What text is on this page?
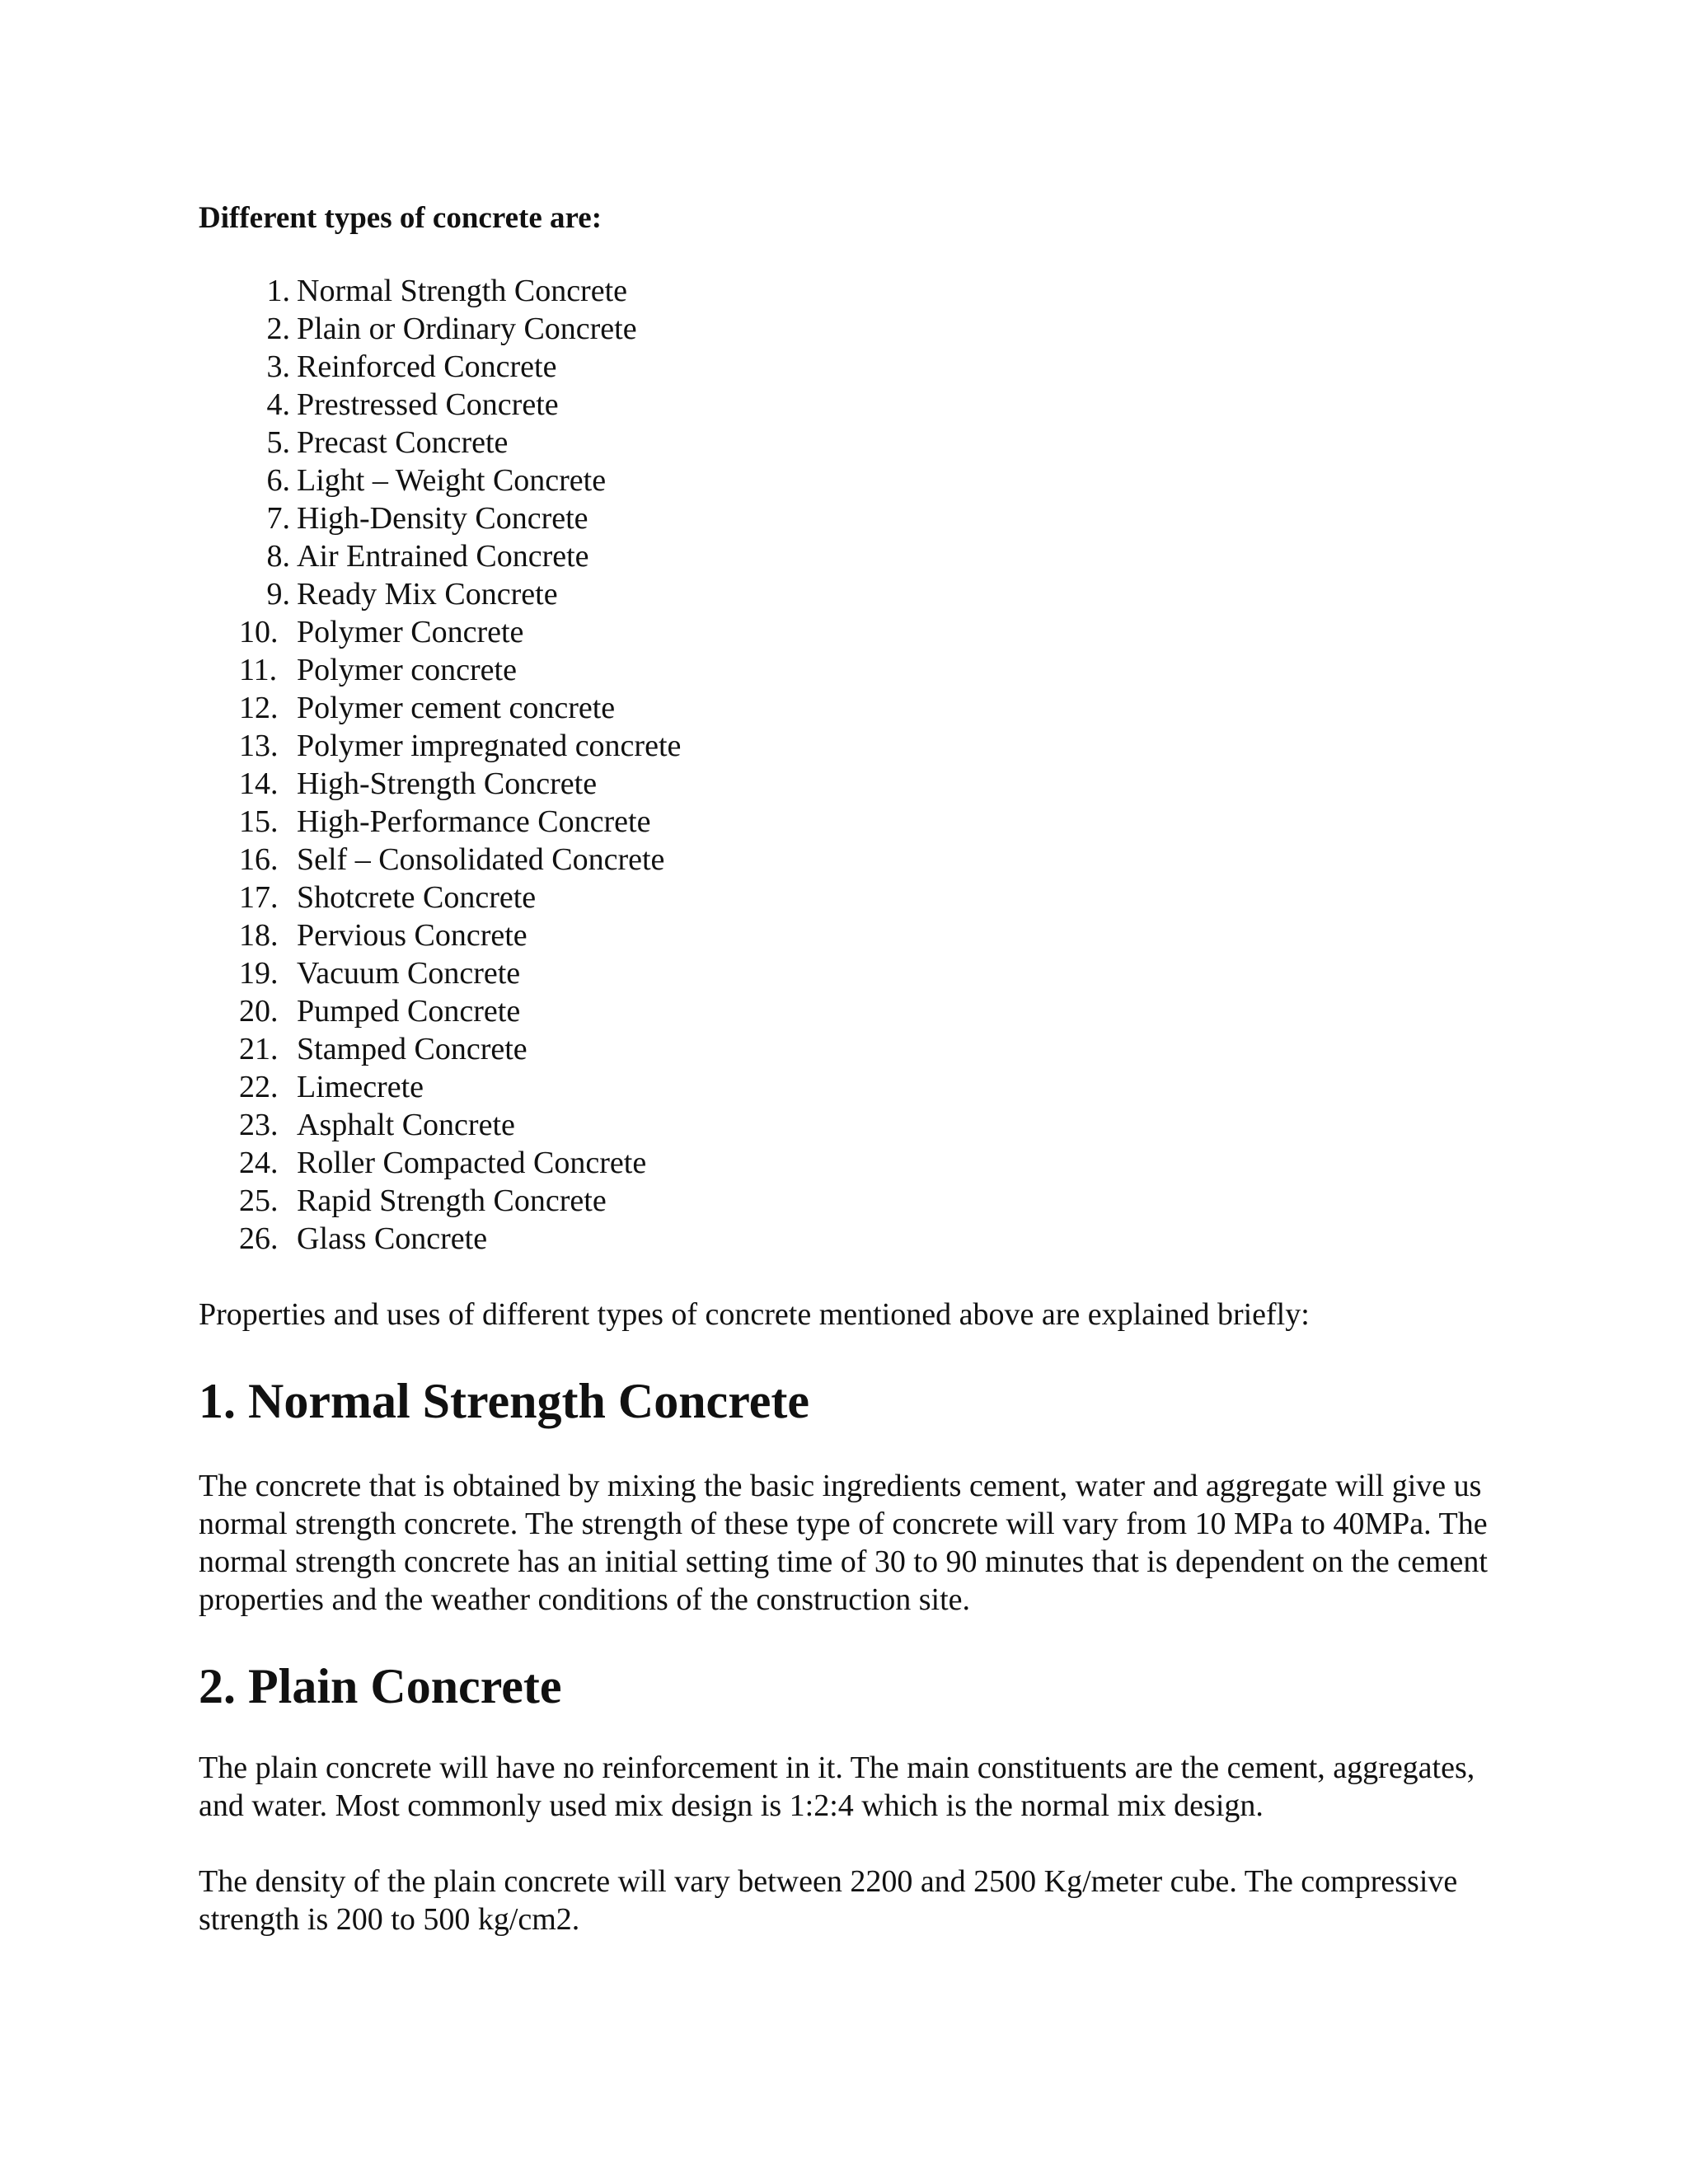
Different types of concrete are:
1. Normal Strength Concrete
2. Plain or Ordinary Concrete
3. Reinforced Concrete
4. Prestressed Concrete
5. Precast Concrete
6. Light – Weight Concrete
7. High-Density Concrete
8. Air Entrained Concrete
9. Ready Mix Concrete
10. Polymer Concrete
11. Polymer concrete
12. Polymer cement concrete
13. Polymer impregnated concrete
14. High-Strength Concrete
15. High-Performance Concrete
16. Self – Consolidated Concrete
17. Shotcrete Concrete
18. Pervious Concrete
19. Vacuum Concrete
20. Pumped Concrete
21. Stamped Concrete
22. Limecrete
23. Asphalt Concrete
24. Roller Compacted Concrete
25. Rapid Strength Concrete
26. Glass Concrete
Properties and uses of different types of concrete mentioned above are explained briefly:
1. Normal Strength Concrete

The concrete that is obtained by mixing the basic ingredients cement, water and aggregate will give us normal strength concrete. The strength of these type of concrete will vary from 10 MPa to 40MPa. The normal strength concrete has an initial setting time of 30 to 90 minutes that is dependent on the cement properties and the weather conditions of the construction site.

2. Plain Concrete

The plain concrete will have no reinforcement in it. The main constituents are the cement, aggregates, and water. Most commonly used mix design is 1:2:4 which is the normal mix design.

The density of the plain concrete will vary between 2200 and 2500 Kg/meter cube. The compressive strength is 200 to 500 kg/cm2.
